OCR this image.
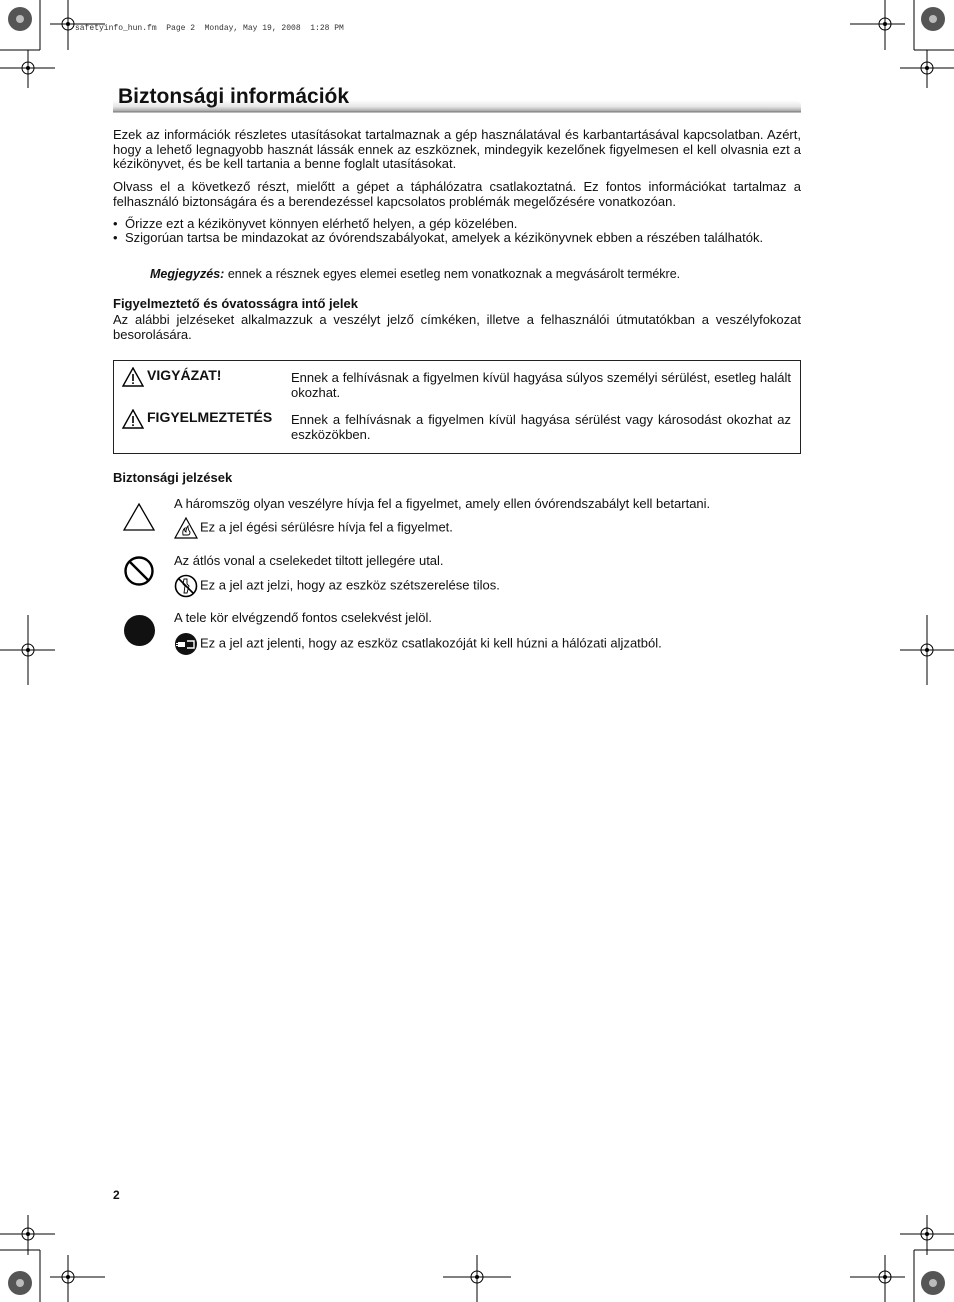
safetyinfo_hun.fm  Page 2  Monday, May 19, 2008  1:28 PM
Biztonsági információk
Ezek az információk részletes utasításokat tartalmaznak a gép használatával és karbantartásával kapcsolatban. Azért, hogy a lehető legnagyobb hasznát lássák ennek az eszköznek, mindegyik kezelőnek figyelmesen el kell olvasnia ezt a kézikönyvet, és be kell tartania a benne foglalt utasításokat.
Olvass el a következő részt, mielőtt a gépet a táphálózatra csatlakoztatná. Ez fontos információkat tartalmaz a felhasználó biztonságára és a berendezéssel kapcsolatos problémák megelőzésére vonatkozóan.
• Őrizze ezt a kézikönyvet könnyen elérhető helyen, a gép közelében.
• Szigorúan tartsa be mindazokat az óvórendszabályokat, amelyek a kézikönyvnek ebben a részében találhatók.
Megjegyzés: ennek a résznek egyes elemei esetleg nem vonatkoznak a megvásárolt termékre.
Figyelmeztető és óvatosságra intő jelek
Az alábbi jelzéseket alkalmazzuk a veszélyt jelző címkéken, illetve a felhasználói útmutatókban a veszélyfokozat besorolására.
VIGYÁZAT!	Ennek a felhívásnak a figyelmen kívül hagyása súlyos személyi sérülést, esetleg halált okozhat.
FIGYELMEZTETÉS Ennek a felhívásnak a figyelmen kívül hagyása sérülést vagy károsodást okozhat az eszközökben.
Biztonsági jelzések
A háromszög olyan veszélyre hívja fel a figyelmet, amely ellen óvórendszabályt kell betartani.
Ez a jel égési sérülésre hívja fel a figyelmet.
Az átlós vonal a cselekedet tiltott jellegére utal.
Ez a jel azt jelzi, hogy az eszköz szétszerelése tilos.
A tele kör elvégzendő fontos cselekvést jelöl.
Ez a jel azt jelenti, hogy az eszköz csatlakozóját ki kell húzni a hálózati aljzatból.
2
